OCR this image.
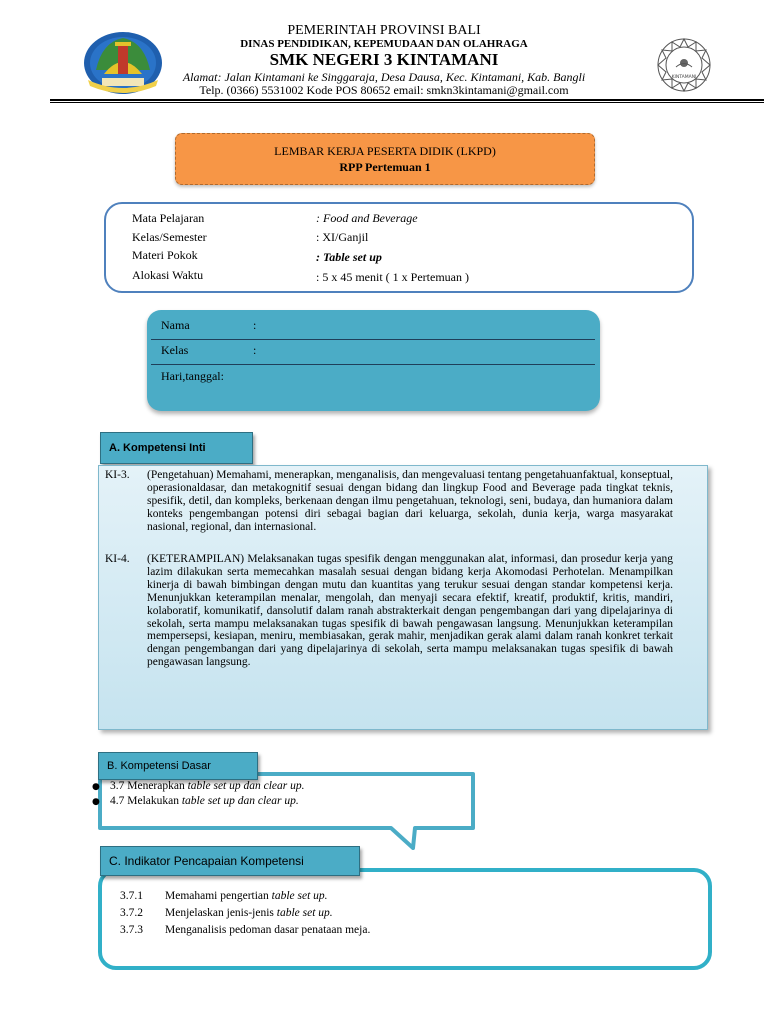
PEMERINTAH PROVINSI BALI
DINAS PENDIDIKAN, KEPEMUDAAN DAN OLAHRAGA
SMK NEGERI 3 KINTAMANI
Alamat: Jalan Kintamani ke Singgaraja, Desa Dausa, Kec. Kintamani, Kab. Bangli
Telp. (0366) 5531002 Kode POS 80652 email: smkn3kintamani@gmail.com
KINTAMANI
LEMBAR KERJA PESERTA DIDIK (LKPD)
RPP Pertemuan 1
Mata Pelajaran	: Food and Beverage
Kelas/Semester	: XI/Ganjil
Materi Pokok	: Table set up
Alokasi Waktu	: 5 x 45 menit ( 1 x Pertemuan )
Nama	:
Kelas	:
Hari,tanggal:
A. Kompetensi Inti
KI-3. (Pengetahuan) Memahami, menerapkan, menganalisis, dan mengevaluasi tentang pengetahuanfaktual, konseptual, operasionaldasar, dan metakognitif sesuai dengan bidang dan lingkup Food and Beverage pada tingkat teknis, spesifik, detil, dan kompleks, berkenaan dengan ilmu pengetahuan, teknologi, seni, budaya, dan humaniora dalam konteks pengembangan potensi diri sebagai bagian dari keluarga, sekolah, dunia kerja, warga masyarakat nasional, regional, dan internasional.
KI-4. (KETERAMPILAN) Melaksanakan tugas spesifik dengan menggunakan alat, informasi, dan prosedur kerja yang lazim dilakukan serta memecahkan masalah sesuai dengan bidang kerja Akomodasi Perhotelan. Menampilkan kinerja di bawah bimbingan dengan mutu dan kuantitas yang terukur sesuai dengan standar kompetensi kerja. Menunjukkan keterampilan menalar, mengolah, dan menyaji secara efektif, kreatif, produktif, kritis, mandiri, kolaboratif, komunikatif, dansolutif dalam ranah abstrakterkait dengan pengembangan dari yang dipelajarinya di sekolah, serta mampu melaksanakan tugas spesifik di bawah pengawasan langsung. Menunjukkan keterampilan mempersepsi, kesiapan, meniru, membiasakan, gerak mahir, menjadikan gerak alami dalam ranah konkret terkait dengan pengembangan dari yang dipelajarinya di sekolah, serta mampu melaksanakan tugas spesifik di bawah pengawasan langsung.
B. Kompetensi Dasar
● 3.7 Menerapkan table set up dan clear up.
● 4.7 Melakukan table set up dan clear up.
3.7.1 Memahami pengertian table set up.
3.7.2 Menjelaskan jenis-jenis table set up.
3.7.3 Menganalisis pedoman dasar penataan meja.
C. Indikator Pencapaian Kompetensi
